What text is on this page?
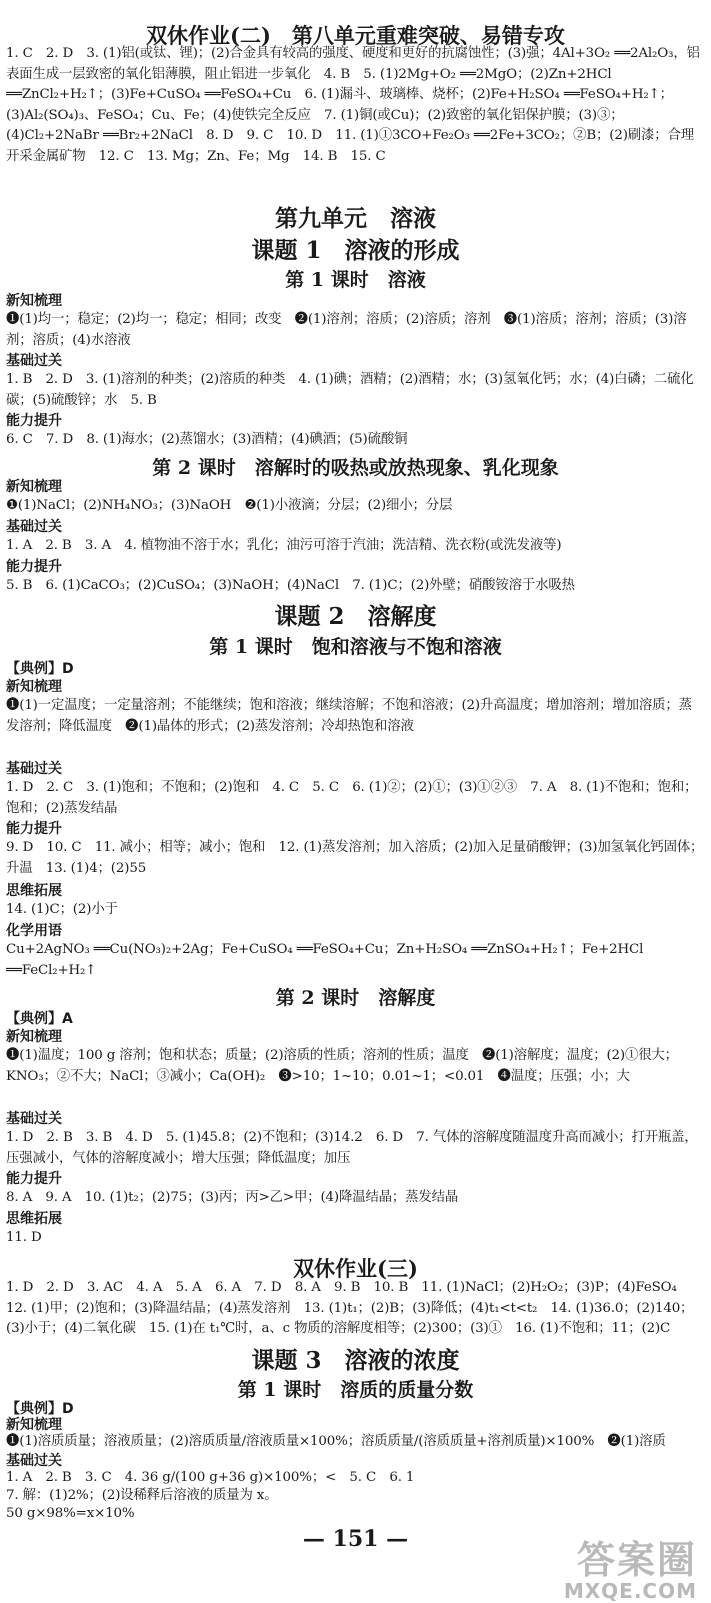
双休作业(二)　第八单元重难突破、易错专攻

1. C　2. D　3. (1)铝(或钛、锂)；(2)合金具有较高的强度、硬度和更好的抗腐蚀性；(3)强；4Al+3O₂ ══2Al₂O₃，铝表面生成一层致密的氧化铝薄膜，阻止铝进一步氧化　4. B　5. (1)2Mg+O₂ ══2MgO；(2)Zn+2HCl ══ZnCl₂+H₂↑；(3)Fe+CuSO₄ ══FeSO₄+Cu　6. (1)漏斗、玻璃棒、烧杯；(2)Fe+H₂SO₄ ══FeSO₄+H₂↑；(3)Al₂(SO₄)₃、FeSO₄；Cu、Fe；(4)使铁完全反应　7. (1)铜(或Cu)；(2)致密的氧化铝保护膜；(3)③；(4)Cl₂+2NaBr ══Br₂+2NaCl　8. D　9. C　10. D　11. (1)①3CO+Fe₂O₃ ══2Fe+3CO₂；②B；(2)刷漆；合理开采金属矿物　12. C　13. Mg；Zn、Fe；Mg　14. B　15. C

第九单元　溶液

课题 1　溶液的形成

第 1 课时　溶液

新知梳理

❶(1)均一；稳定；(2)均一；稳定；相同；改变　❷(1)溶剂；溶质；(2)溶质；溶剂　❸(1)溶质；溶剂；溶质；(3)溶剂；溶质；(4)水溶液

基础过关

1. B　2. D　3. (1)溶剂的种类；(2)溶质的种类　4. (1)碘；酒精；(2)酒精；水；(3)氢氧化钙；水；(4)白磷；二硫化碳；(5)硫酸锌；水　5. B

能力提升

6. C　7. D　8. (1)海水；(2)蒸馏水；(3)酒精；(4)碘酒；(5)硫酸铜

第 2 课时　溶解时的吸热或放热现象、乳化现象

新知梳理

❶(1)NaCl；(2)NH₄NO₃；(3)NaOH　❷(1)小液滴；分层；(2)细小；分层

基础过关

1. A　2. B　3. A　4. 植物油不溶于水；乳化；油污可溶于汽油；洗洁精、洗衣粉(或洗发液等)

能力提升

5. B　6. (1)CaCO₃；(2)CuSO₄；(3)NaOH；(4)NaCl　7. (1)C；(2)外壁；硝酸铵溶于水吸热

课题 2　溶解度

第 1 课时　饱和溶液与不饱和溶液

【典例】D
新知梳理

❶(1)一定温度；一定量溶剂；不能继续；饱和溶液；继续溶解；不饱和溶液；(2)升高温度；增加溶剂；增加溶质；蒸发溶剂；降低温度　❷(1)晶体的形式；(2)蒸发溶剂；冷却热饱和溶液

基础过关

1. D　2. C　3. (1)饱和；不饱和；(2)饱和　4. C　5. C　6. (1)②；(2)①；(3)①②③　7. A　8. (1)不饱和；饱和；饱和；(2)蒸发结晶

能力提升

9. D　10. C　11. 减小；相等；减小；饱和　12. (1)蒸发溶剂；加入溶质；(2)加入足量硝酸钾；(3)加氢氧化钙固体；升温　13. (1)4；(2)55

思维拓展

14. (1)C；(2)小于

化学用语

Cu+2AgNO₃ ══Cu(NO₃)₂+2Ag；Fe+CuSO₄ ══FeSO₄+Cu；Zn+H₂SO₄ ══ZnSO₄+H₂↑；Fe+2HCl ══FeCl₂+H₂↑

第 2 课时　溶解度

【典例】A
新知梳理

❶(1)温度；100 g 溶剂；饱和状态；质量；(2)溶质的性质；溶剂的性质；温度　❷(1)溶解度；温度；(2)①很大；KNO₃；②不大；NaCl；③减小；Ca(OH)₂　❸>10；1~10；0.01~1；<0.01　❹温度；压强；小；大

基础过关

1. D　2. B　3. B　4. D　5. (1)45.8；(2)不饱和；(3)14.2　6. D　7. 气体的溶解度随温度升高而减小；打开瓶盖，压强减小，气体的溶解度减小；增大压强；降低温度；加压

能力提升

8. A　9. A　10. (1)t₂；(2)75；(3)丙；丙>乙>甲；(4)降温结晶；蒸发结晶

思维拓展

11. D

双休作业(三)

1. D　2. D　3. AC　4. A　5. A　6. A　7. D　8. A　9. B　10. B　11. (1)NaCl；(2)H₂O₂；(3)P；(4)FeSO₄　12. (1)甲；(2)饱和；(3)降温结晶；(4)蒸发溶剂　13. (1)t₁；(2)B；(3)降低；(4)t₁<t<t₂　14. (1)36.0；(2)140；(3)小于；(4)二氧化碳　15. (1)在 t₁℃时，a、c 物质的溶解度相等；(2)300；(3)①　16. (1)不饱和；11；(2)C

课题 3　溶液的浓度

第 1 课时　溶质的质量分数

【典例】D
新知梳理

❶(1)溶质质量；溶液质量；(2)溶质质量/溶液质量×100%；溶质质量/(溶质质量+溶剂质量)×100%　❷(1)溶质

基础过关

1. A　2. B　3. C　4. 36 g/(100 g+36 g)×100%；<　5. C　6. 1

7. 解：(1)2%；(2)设稀释后溶液的质量为 x。

50 g×98%=x×10%

— 151 —	答案圈
MXQE.COM
